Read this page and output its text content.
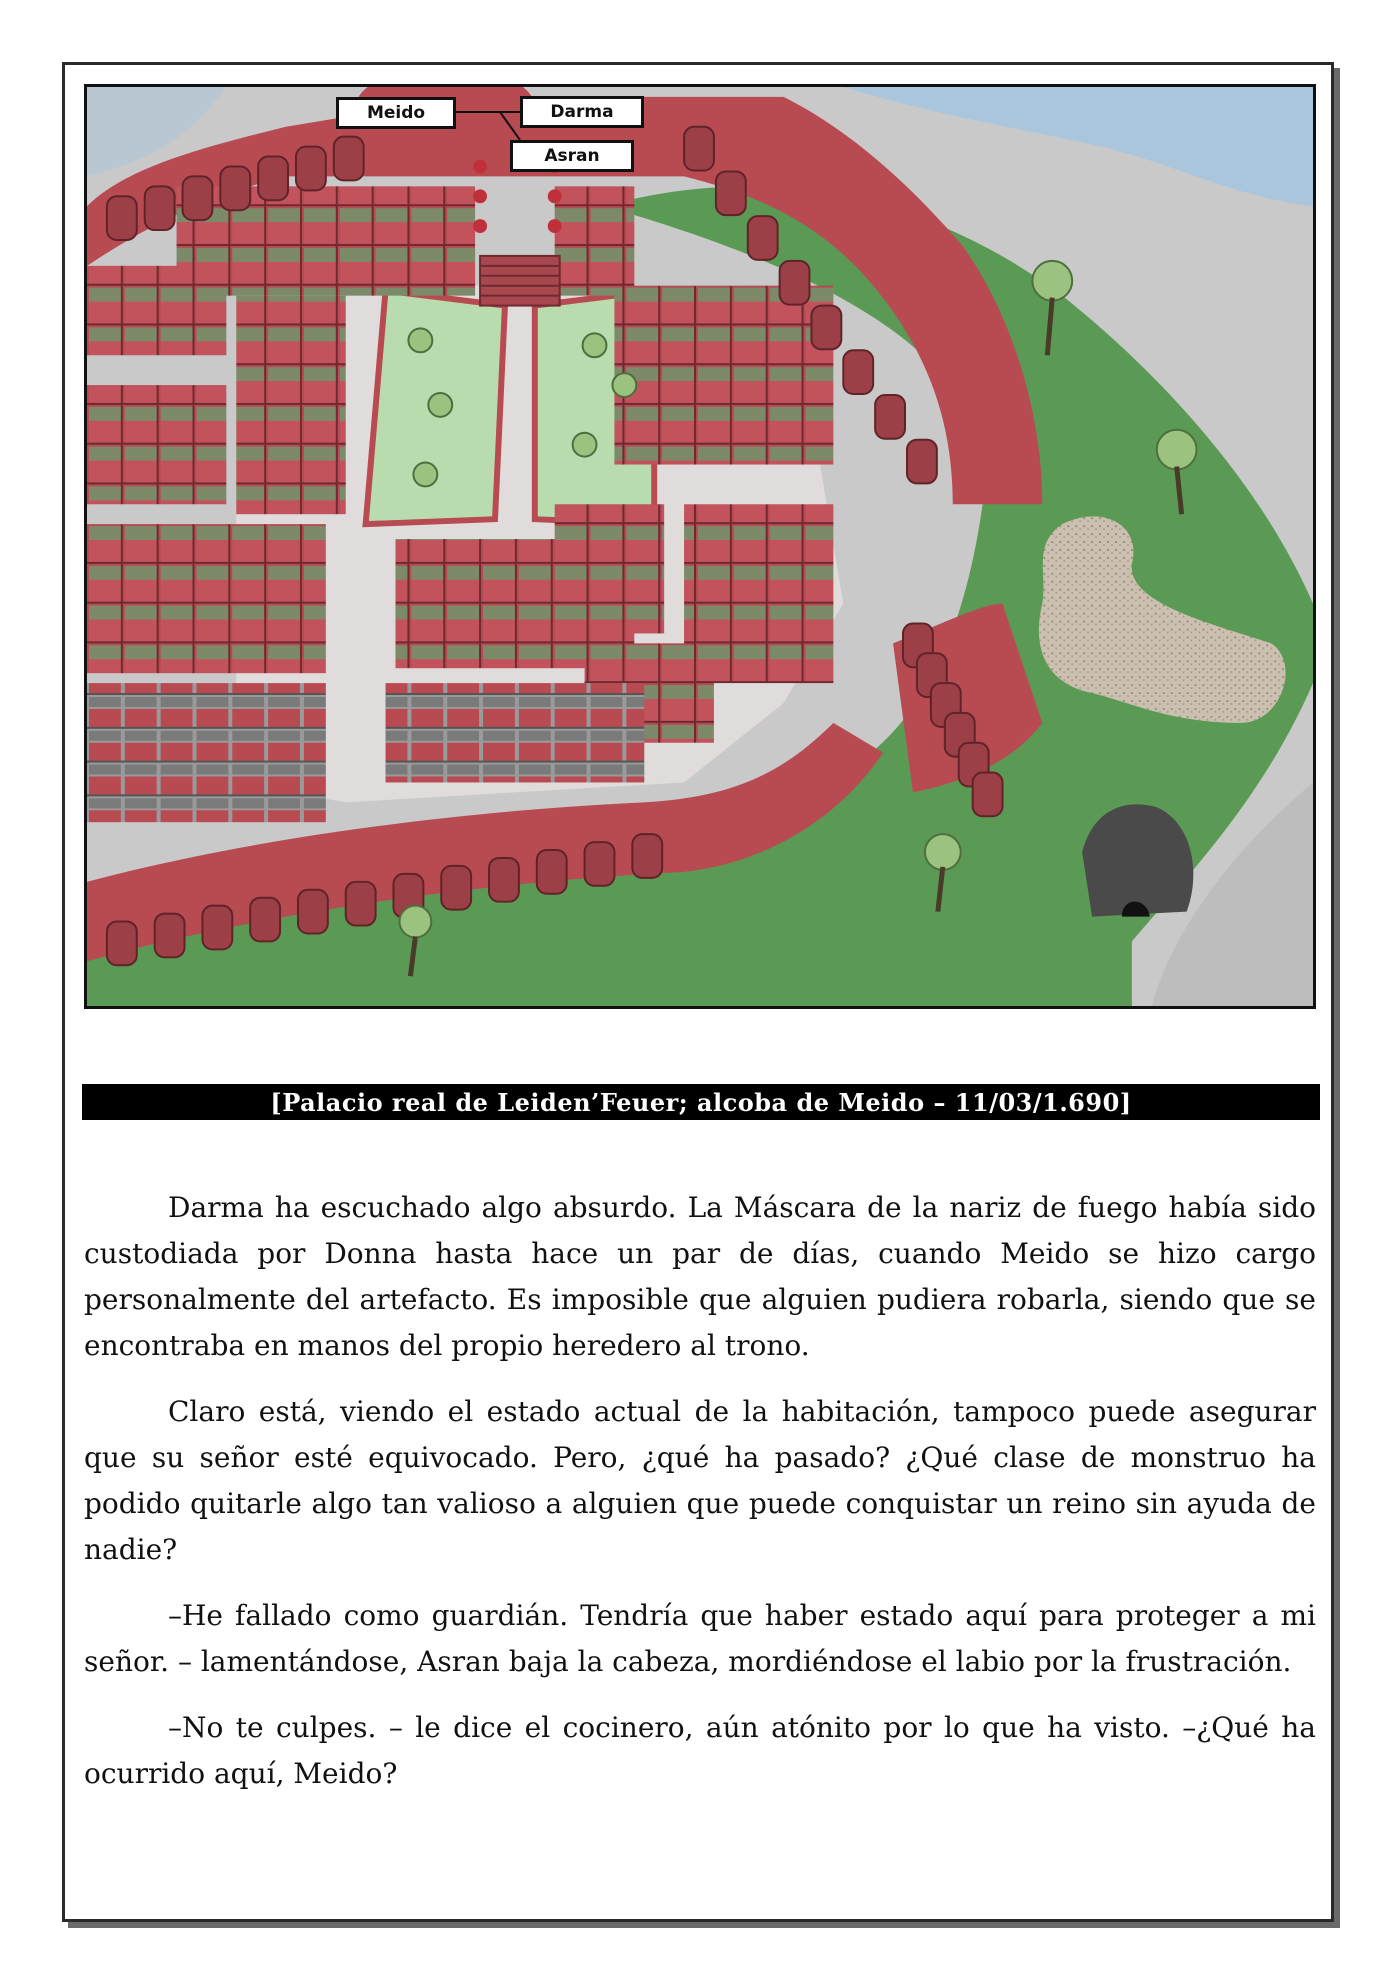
Meido	Darma
Asran
[Palacio real de Leiden’Feuer; alcoba de Meido – 11/03/1.690]

Darma ha escuchado algo absurdo. La Máscara de la nariz de fuego había sido custodiada por Donna hasta hace un par de días, cuando Meido se hizo cargo personalmente del artefacto. Es imposible que alguien pudiera robarla, siendo que se encontraba en manos del propio heredero al trono.

Claro está, viendo el estado actual de la habitación, tampoco puede asegurar que su señor esté equivocado. Pero, ¿qué ha pasado? ¿Qué clase de monstruo ha podido quitarle algo tan valioso a alguien que puede conquistar un reino sin ayuda de nadie?

–He fallado como guardián. Tendría que haber estado aquí para proteger a mi señor. – lamentándose, Asran baja la cabeza, mordiéndose el labio por la frustración.

–No te culpes. – le dice el cocinero, aún atónito por lo que ha visto. –¿Qué ha ocurrido aquí, Meido?
